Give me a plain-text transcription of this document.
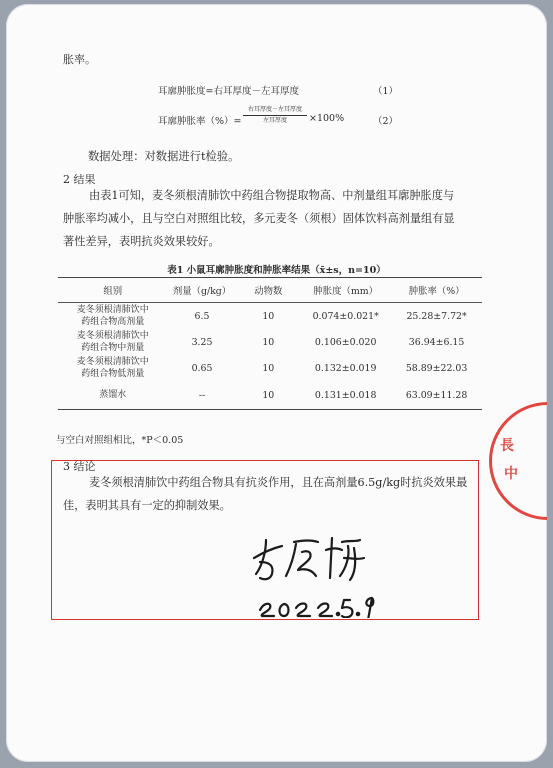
胀率。
耳廓肿胀度=右耳厚度－左耳厚度	（1）
耳廓肿胀率（%）=
右耳厚度－左耳厚度
左耳厚度	×100%	（2）
数据处理：对数据进行t检验。
2 结果
由表1可知，麦冬须根清肺饮中药组合物提取物高、中剂量组耳廓肿胀度与
肿胀率均减小，且与空白对照组比较，多元麦冬（须根）固体饮料高剂量组有显
著性差异，表明抗炎效果较好。
表1 小鼠耳廓肿胀度和肿胀率结果（x̄±s，n=10）
组别	剂量（g/kg）	动物数	肿胀度（mm）	肿胀率（%）

麦冬须根清肺饮中
药组合物高剂量	6.5	10	0.074±0.021*	25.28±7.72*

麦冬须根清肺饮中
药组合物中剂量	3.25	10	0.106±0.020	36.94±6.15

麦冬须根清肺饮中
药组合物低剂量	0.65	10	0.132±0.019	58.89±22.03

蒸馏水	--	10	0.131±0.018	63.09±11.28
与空白对照组相比，*P＜0.05
3 结论
麦冬须根清肺饮中药组合物具有抗炎作用，且在高剂量6.5g/kg时抗炎效果最
佳，表明其具有一定的抑制效果。
方医祥
2022.5.9
長
中
